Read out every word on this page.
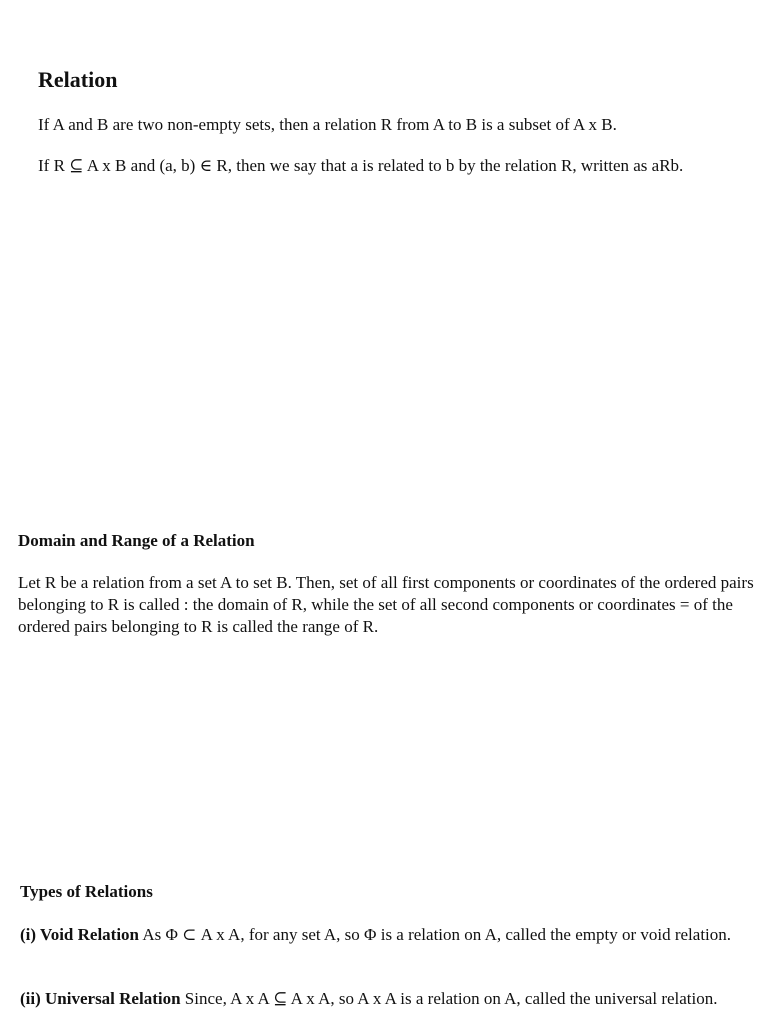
Relation
If A and B are two non-empty sets, then a relation R from A to B is a subset of A x B.
If R ⊆ A x B and (a, b) ∈ R, then we say that a is related to b by the relation R, written as aRb.
Domain and Range of a Relation
Let R be a relation from a set A to set B. Then, set of all first components or coordinates of the ordered pairs belonging to R is called : the domain of R, while the set of all second components or coordinates = of the ordered pairs belonging to R is called the range of R.
Types of Relations
(i) Void Relation As Φ ⊂ A x A, for any set A, so Φ is a relation on A, called the empty or void relation.
(ii) Universal Relation Since, A x A ⊆ A x A, so A x A is a relation on A, called the universal relation.
